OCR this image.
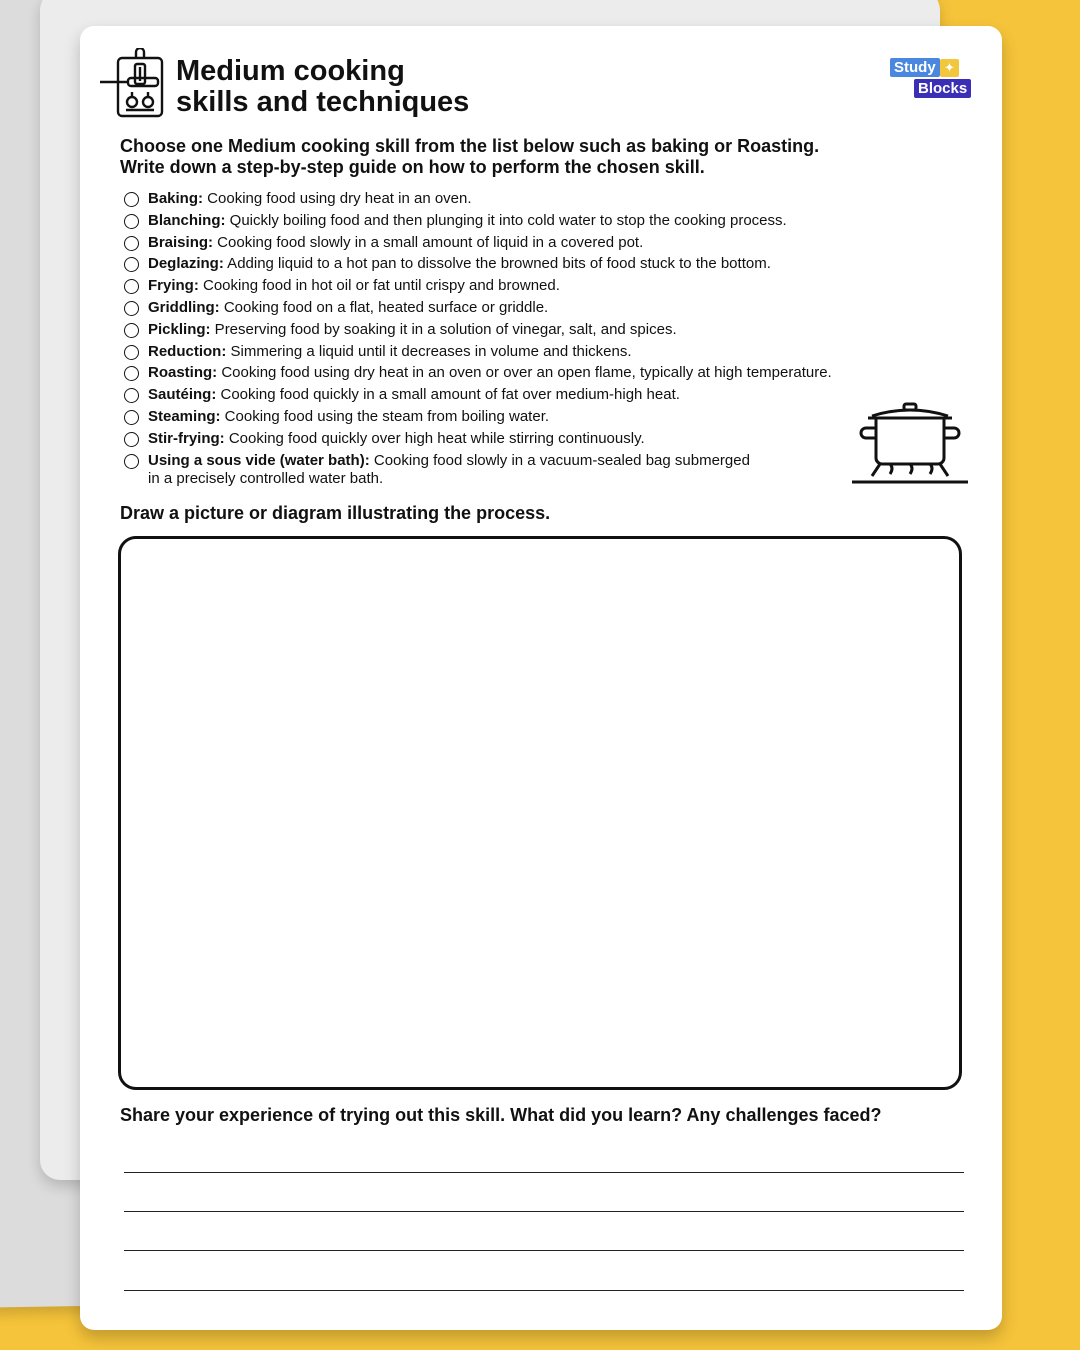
Medium cooking
skills and techniques
Study ✦
Blocks
Choose one Medium cooking skill from the list below such as baking or Roasting.
Write down a step-by-step guide on how to perform the chosen skill.
Baking: Cooking food using dry heat in an oven.
Blanching: Quickly boiling food and then plunging it into cold water to stop the cooking process.
Braising: Cooking food slowly in a small amount of liquid in a covered pot.
Deglazing: Adding liquid to a hot pan to dissolve the browned bits of food stuck to the bottom.
Frying: Cooking food in hot oil or fat until crispy and browned.
Griddling: Cooking food on a flat, heated surface or griddle.
Pickling: Preserving food by soaking it in a solution of vinegar, salt, and spices.
Reduction: Simmering a liquid until it decreases in volume and thickens.
Roasting: Cooking food using dry heat in an oven or over an open flame, typically at high temperature.
Sautéing: Cooking food quickly in a small amount of fat over medium-high heat.
Steaming: Cooking food using the steam from boiling water.
Stir-frying: Cooking food quickly over high heat while stirring continuously.
Using a sous vide (water bath): Cooking food slowly in a vacuum-sealed bag submerged
in a precisely controlled water bath.
Draw a picture or diagram illustrating the process.
Share your experience of trying out this skill. What did you learn? Any challenges faced?
